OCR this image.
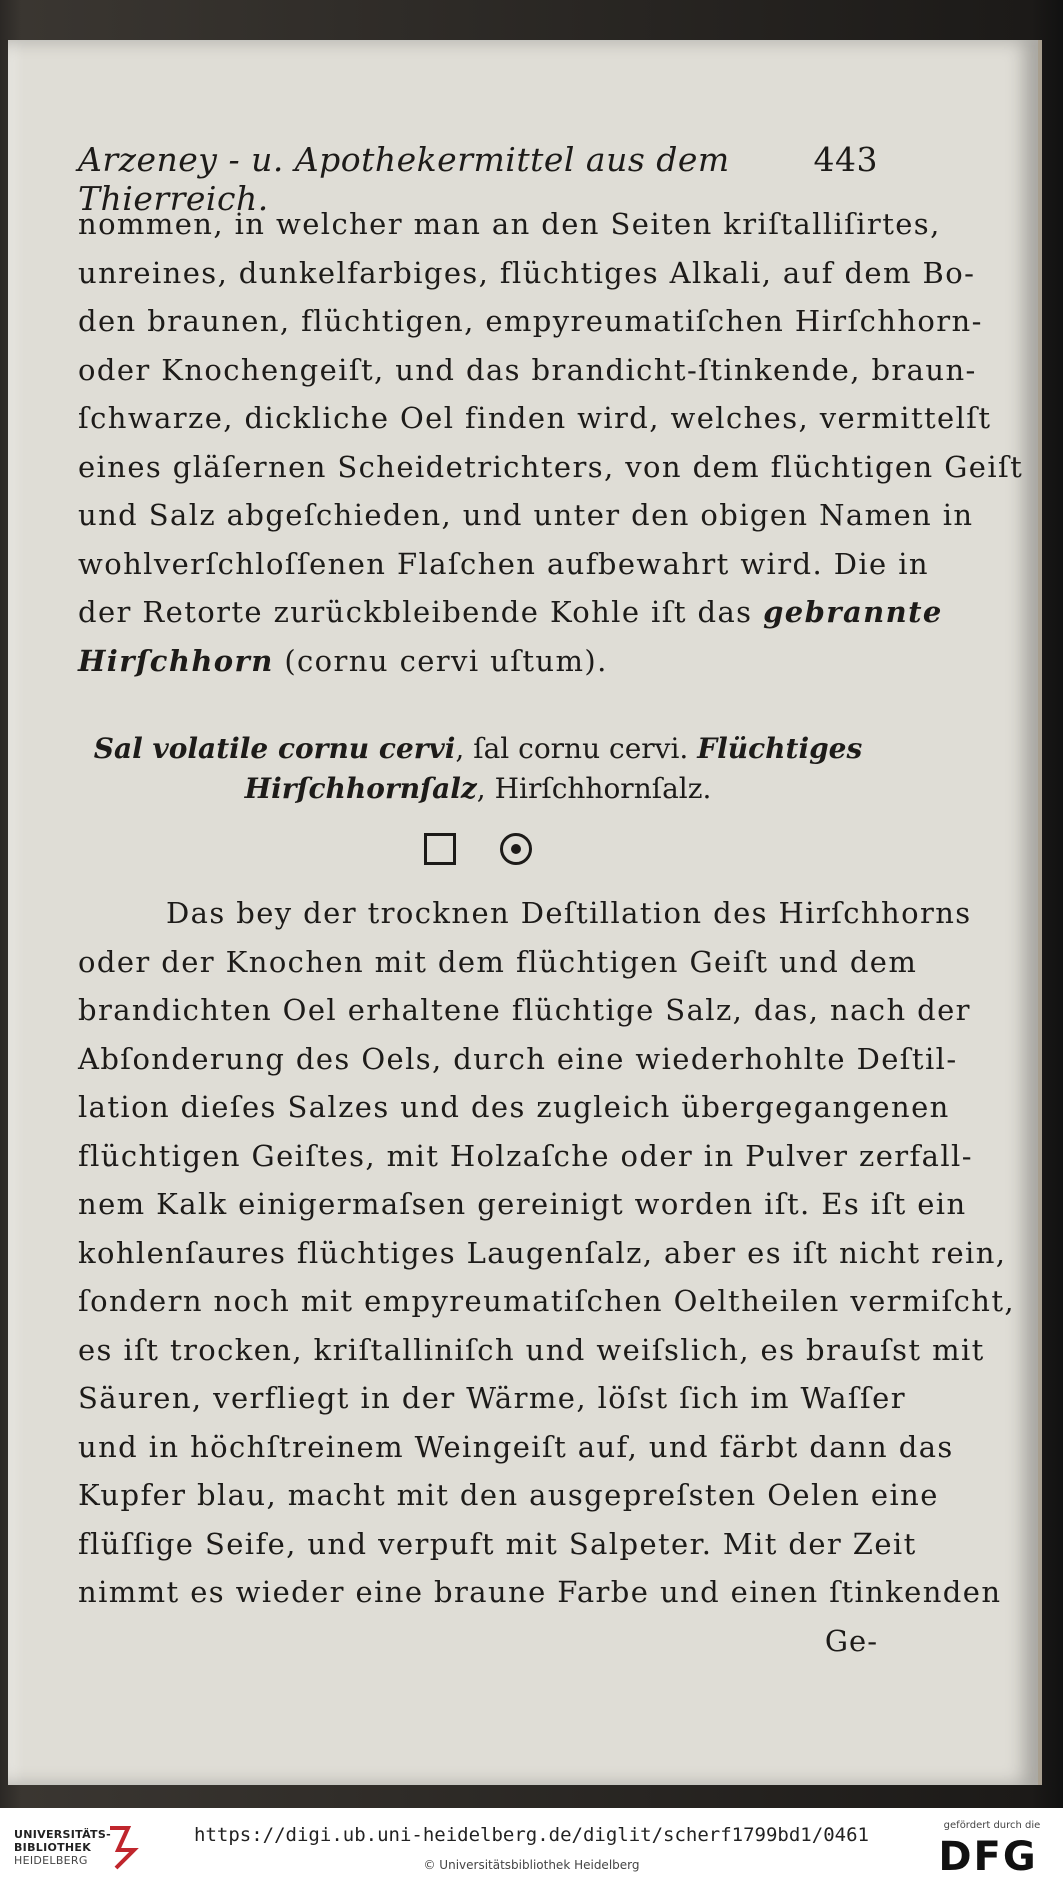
Arzeney - u. Apothekermittel aus dem Thierreich.
443

nommen, in welcher man an den Seiten kriſtalliſirtes,
unreines, dunkelfarbiges, flüchtiges Alkali, auf dem Bo-
den braunen, flüchtigen, empyreumatiſchen Hirſchhorn-
oder Knochengeiſt, und das brandicht-ſtinkende, braun-
ſchwarze, dickliche Oel finden wird, welches, vermittelſt
eines gläſernen Scheidetrichters, von dem flüchtigen Geiſt
und Salz abgeſchieden, und unter den obigen Namen in
wohlverſchloſſenen Flaſchen aufbewahrt wird. Die in
der Retorte zurückbleibende Kohle iſt das gebrannte
Hirſchhorn (cornu cervi uſtum).

Sal volatile cornu cervi, ſal cornu cervi. Flüchtiges
Hirſchhornſalz, Hirſchhornſalz.

Das bey der trocknen Deſtillation des Hirſchhorns
oder der Knochen mit dem flüchtigen Geiſt und dem
brandichten Oel erhaltene flüchtige Salz, das, nach der
Abſonderung des Oels, durch eine wiederhohlte Deſtil-
lation dieſes Salzes und des zugleich übergegangenen
flüchtigen Geiſtes, mit Holzaſche oder in Pulver zerfall-
nem Kalk einigermaſsen gereinigt worden iſt. Es iſt ein
kohlenſaures flüchtiges Laugenſalz, aber es iſt nicht rein,
ſondern noch mit empyreumatiſchen Oeltheilen vermiſcht,
es iſt trocken, kriſtalliniſch und weiſslich, es brauſst mit
Säuren, verfliegt in der Wärme, löſst ſich im Waſſer
und in höchſtreinem Weingeiſt auf, und färbt dann das
Kupfer blau, macht mit den ausgepreſsten Oelen eine
flüſſige Seife, und verpuft mit Salpeter. Mit der Zeit
nimmt es wieder eine braune Farbe und einen ſtinkenden

Ge-
UNIVERSITÄTS-
BIBLIOTHEK
HEIDELBERG
https://digi.ub.uni-heidelberg.de/diglit/scherf1799bd1/0461
© Universitätsbibliothek Heidelberg
gefördert durch die
DFG
